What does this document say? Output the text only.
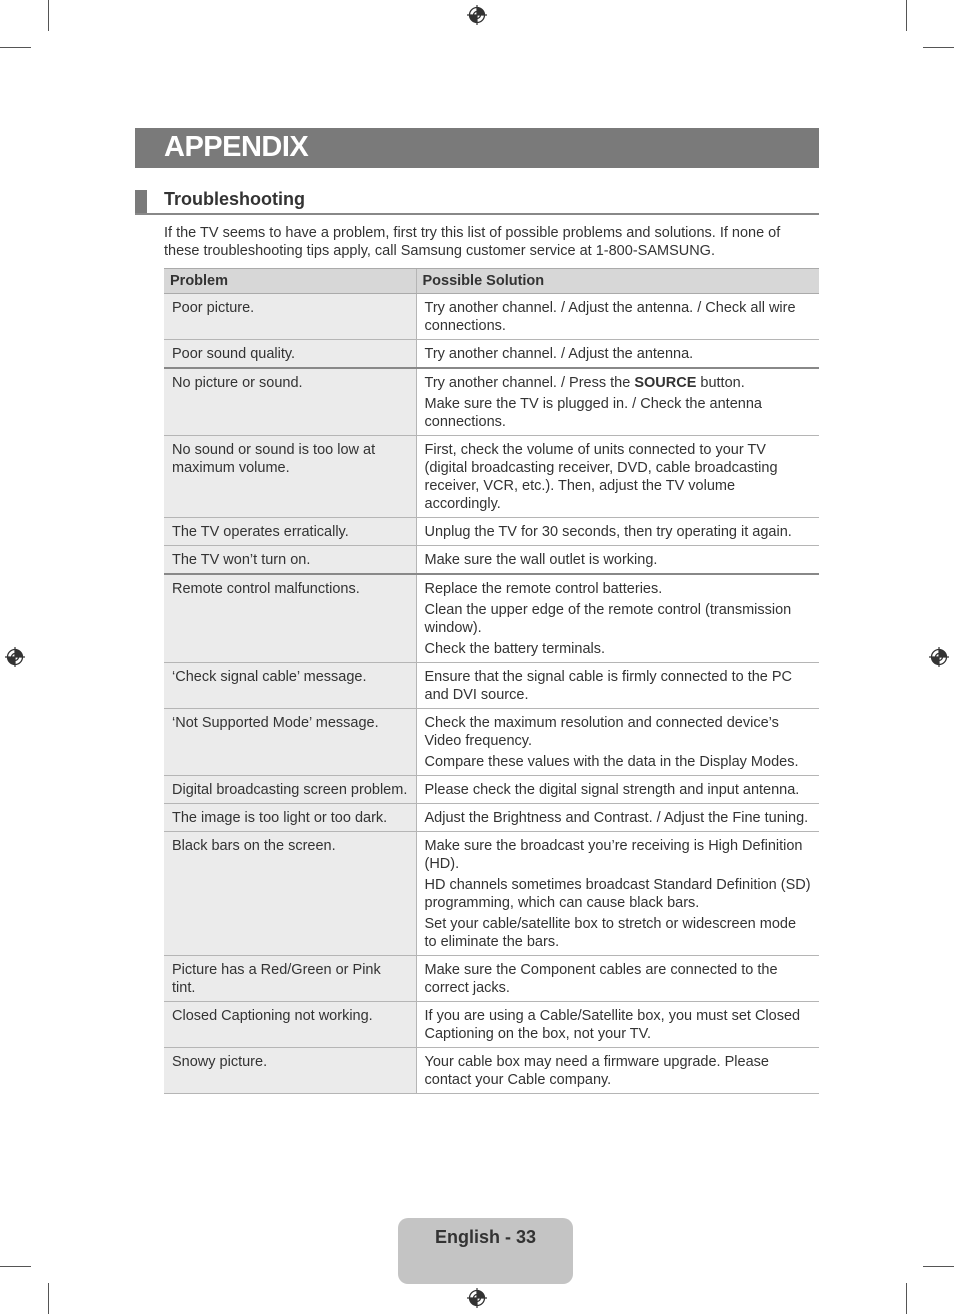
APPENDIX
Troubleshooting
If the TV seems to have a problem, first try this list of possible problems and solutions. If none of these troubleshooting tips apply, call Samsung customer service at 1-800-SAMSUNG.
Problem	Possible Solution
Poor picture.	Try another channel. / Adjust the antenna. / Check all wire connections.

Poor sound quality.	Try another channel. / Adjust the antenna.

No picture or sound.	Try another channel. / Press the SOURCE button.
Make sure the TV is plugged in. / Check the antenna connections.

No sound or sound is too low at maximum volume.	First, check the volume of units connected to your TV (digital broadcasting receiver, DVD, cable broadcasting receiver, VCR, etc.). Then, adjust the TV volume accordingly.

The TV operates erratically.	Unplug the TV for 30 seconds, then try operating it again.

The TV won’t turn on.	Make sure the wall outlet is working.

Remote control malfunctions.	Replace the remote control batteries.
Clean the upper edge of the remote control (transmission window).
Check the battery terminals.

‘Check signal cable’ message.	Ensure that the signal cable is firmly connected to the PC and DVI source.

‘Not Supported Mode’ message.	Check the maximum resolution and connected device’s Video frequency.
Compare these values with the data in the Display Modes.

Digital broadcasting screen problem.	Please check the digital signal strength and input antenna.

The image is too light or too dark.	Adjust the Brightness and Contrast. / Adjust the Fine tuning.

Black bars on the screen.	Make sure the broadcast you’re receiving is High Definition (HD).
HD channels sometimes broadcast Standard Definition (SD) programming, which can cause black bars.
Set your cable/satellite box to stretch or widescreen mode to eliminate the bars.

Picture has a Red/Green or Pink tint.	Make sure the Component cables are connected to the correct jacks.

Closed Captioning not working.	If you are using a Cable/Satellite box, you must set Closed Captioning on the box, not your TV.

Snowy picture.	Your cable box may need a firmware upgrade. Please contact your Cable company.
English - 33
